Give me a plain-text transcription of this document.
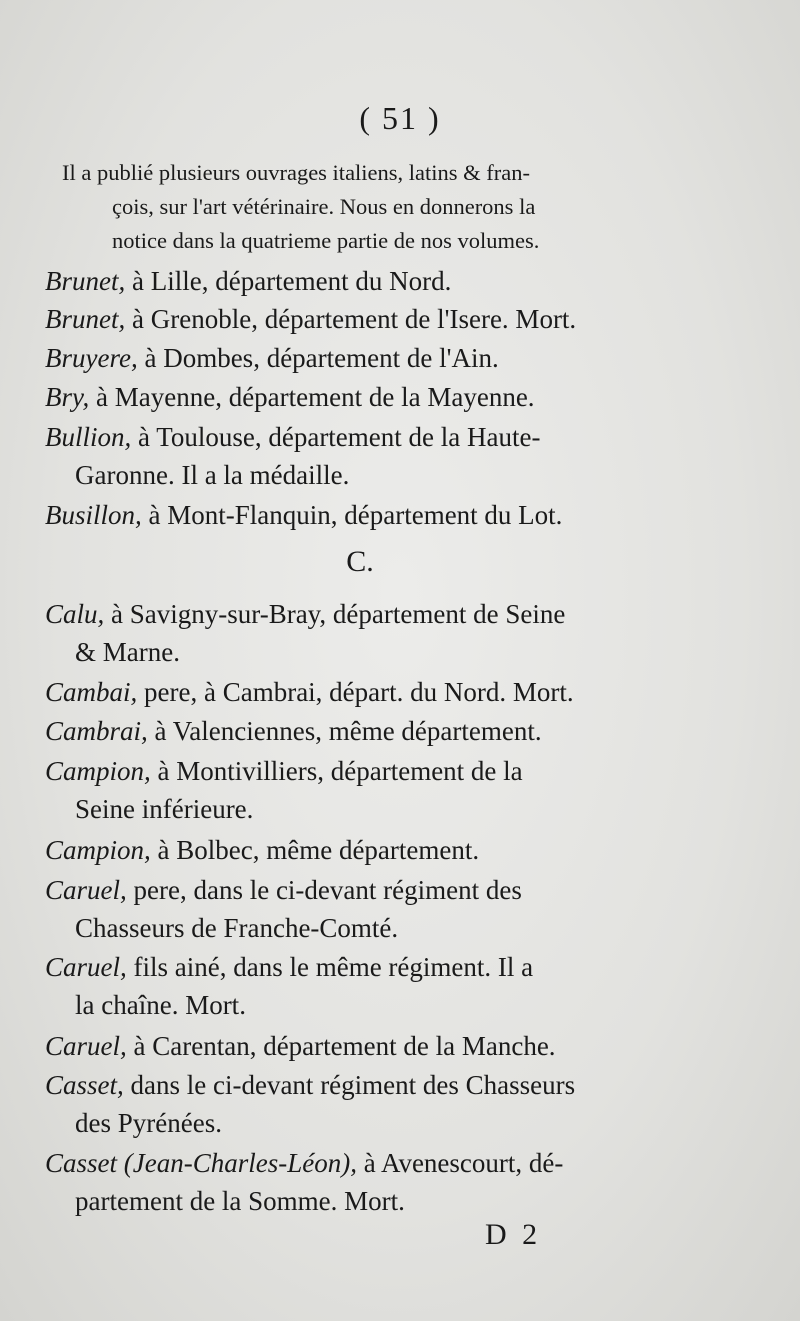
( 51 )
Il a publié plusieurs ouvrages italiens, latins & fran-
çois, sur l'art vétérinaire. Nous en donnerons la
notice dans la quatrieme partie de nos volumes.
Brunet, à Lille, département du Nord.
Brunet, à Grenoble, département de l'Isere. Mort.
Bruyere, à Dombes, département de l'Ain.
Bry, à Mayenne, département de la Mayenne.
Bullion, à Toulouse, département de la Haute-
Garonne. Il a la médaille.
Busillon, à Mont-Flanquin, département du Lot.
C.
Calu, à Savigny-sur-Bray, département de Seine
& Marne.
Cambai, pere, à Cambrai, départ. du Nord. Mort.
Cambrai, à Valenciennes, même département.
Campion, à Montivilliers, département de la
Seine inférieure.
Campion, à Bolbec, même département.
Caruel, pere, dans le ci-devant régiment des
Chasseurs de Franche-Comté.
Caruel, fils ainé, dans le même régiment. Il a
la chaîne. Mort.
Caruel, à Carentan, département de la Manche.
Casset, dans le ci-devant régiment des Chasseurs
des Pyrénées.
Casset (Jean-Charles-Léon), à Avenescourt, dé-
partement de la Somme. Mort.
D 2
